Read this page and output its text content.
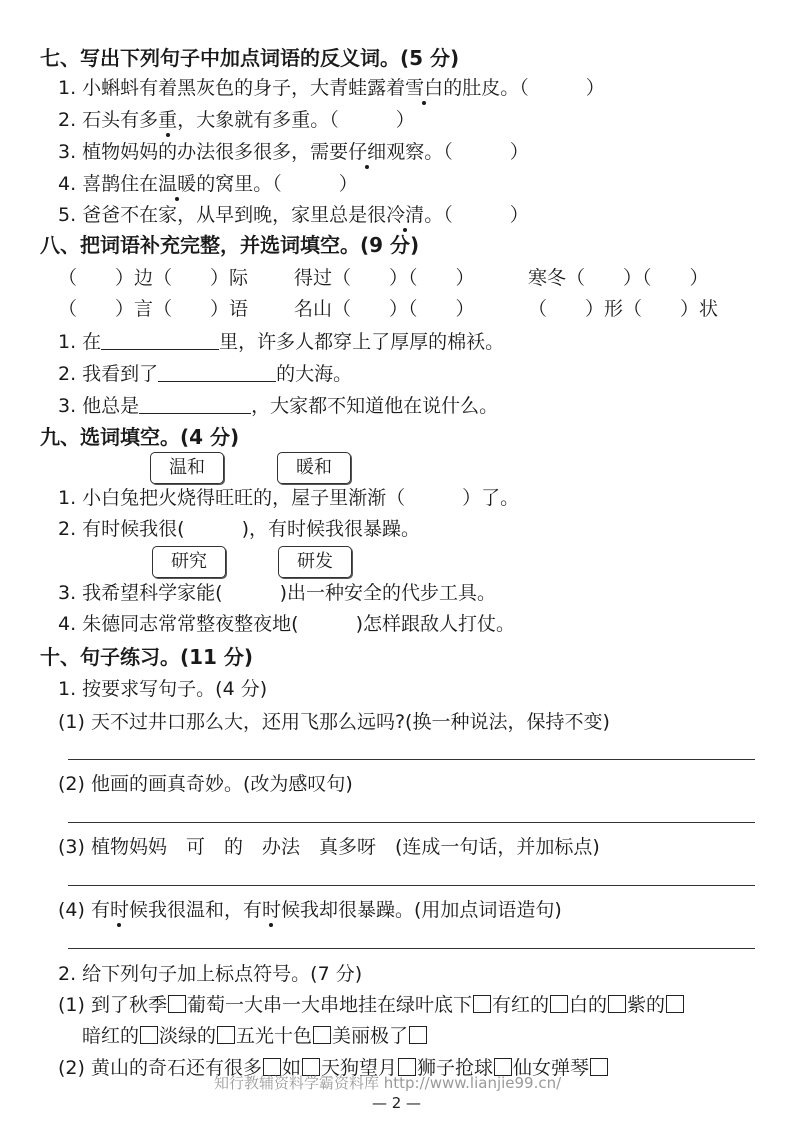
七、写出下列句子中加点词语的反义词。(5 分)
1. 小蝌蚪有着黑灰色的身子，大青蛙露着雪白的肚皮。（　　　）
2. 石头有多重，大象就有多重。（　　　）
3. 植物妈妈的办法很多很多，需要仔细观察。（　　　）
4. 喜鹊住在温暖的窝里。（　　　）
5. 爸爸不在家，从早到晚，家里总是很冷清。（　　　）
八、把词语补充完整，并选词填空。(9 分)
（　　）边（　　）际 得过（　　）（　　）	寒冬（　　）（　　）
（　　）言（　　）语 名山（　　）（　　）	（　　）形（　　）状
1. 在	里，许多人都穿上了厚厚的棉袄。
2. 我看到了	的大海。
3. 他总是	，大家都不知道他在说什么。
九、选词填空。(4 分)
温和	暖和
1. 小白兔把火烧得旺旺的，屋子里渐渐（　　　）了。
2. 有时候我很(　　　)，有时候我很暴躁。
研究	研发
3. 我希望科学家能(　　　)出一种安全的代步工具。
4. 朱德同志常常整夜整夜地(　　　)怎样跟敌人打仗。
十、句子练习。(11 分)
1. 按要求写句子。(4 分)
(1) 天不过井口那么大，还用飞那么远吗?(换一种说法，保持不变)
(2) 他画的画真奇妙。(改为感叹句)
(3) 植物妈妈　可　的　办法　真多呀　(连成一句话，并加标点)
(4) 有时候我很温和，有时候我却很暴躁。(用加点词语造句)
2. 给下列句子加上标点符号。(7 分)
(1) 到了秋季 葡萄一大串一大串地挂在绿叶底下 有红的 白的 紫的
暗红的 淡绿的 五光十色 美丽极了
(2) 黄山的奇石还有很多 如 天狗望月 狮子抢球 仙女弹琴
知行教辅资料学霸资料库 http://www.lianjie99.cn/
— 2 —
